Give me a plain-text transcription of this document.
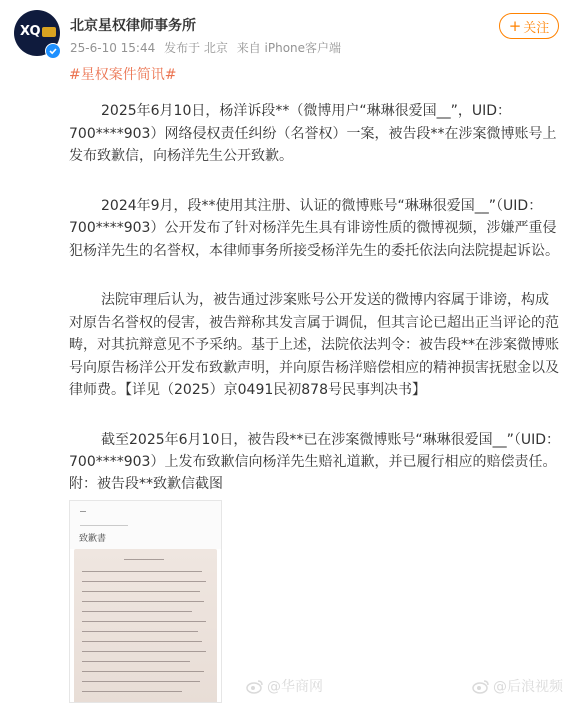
XQ 北京星权律师事务所
25-6-10 15:44 发布于 北京 来自 iPhone客户端
+ 关注
#星权案件简讯#

2025年6月10日，杨洋诉段**（微博用户“琳琳很爱国__”，UID：700****903）网络侵权责任纠纷（名誉权）一案，被告段**在涉案微博账号上发布致歉信，向杨洋先生公开致歉。

2024年9月，段**使用其注册、认证的微博账号“琳琳很爱国__”（UID：700****903）公开发布了针对杨洋先生具有诽谤性质的微博视频，涉嫌严重侵犯杨洋先生的名誉权，本律师事务所接受杨洋先生的委托依法向法院提起诉讼。

法院审理后认为，被告通过涉案账号公开发送的微博内容属于诽谤，构成对原告名誉权的侵害，被告辩称其发言属于调侃，但其言论已超出正当评论的范畴，对其抗辩意见不予采纳。基于上述，法院依法判令：被告段**在涉案微博账号向原告杨洋公开发布致歉声明，并向原告杨洋赔偿相应的精神损害抚慰金以及律师费。【详见（2025）京0491民初878号民事判决书】

截至2025年6月10日，被告段**已在涉案微博账号“琳琳很爱国__”（UID：700****903）上发布致歉信向杨洋先生赔礼道歉，并已履行相应的赔偿责任。

附：被告段**致歉信截图
致歉書
@华商网	@后浪视频
